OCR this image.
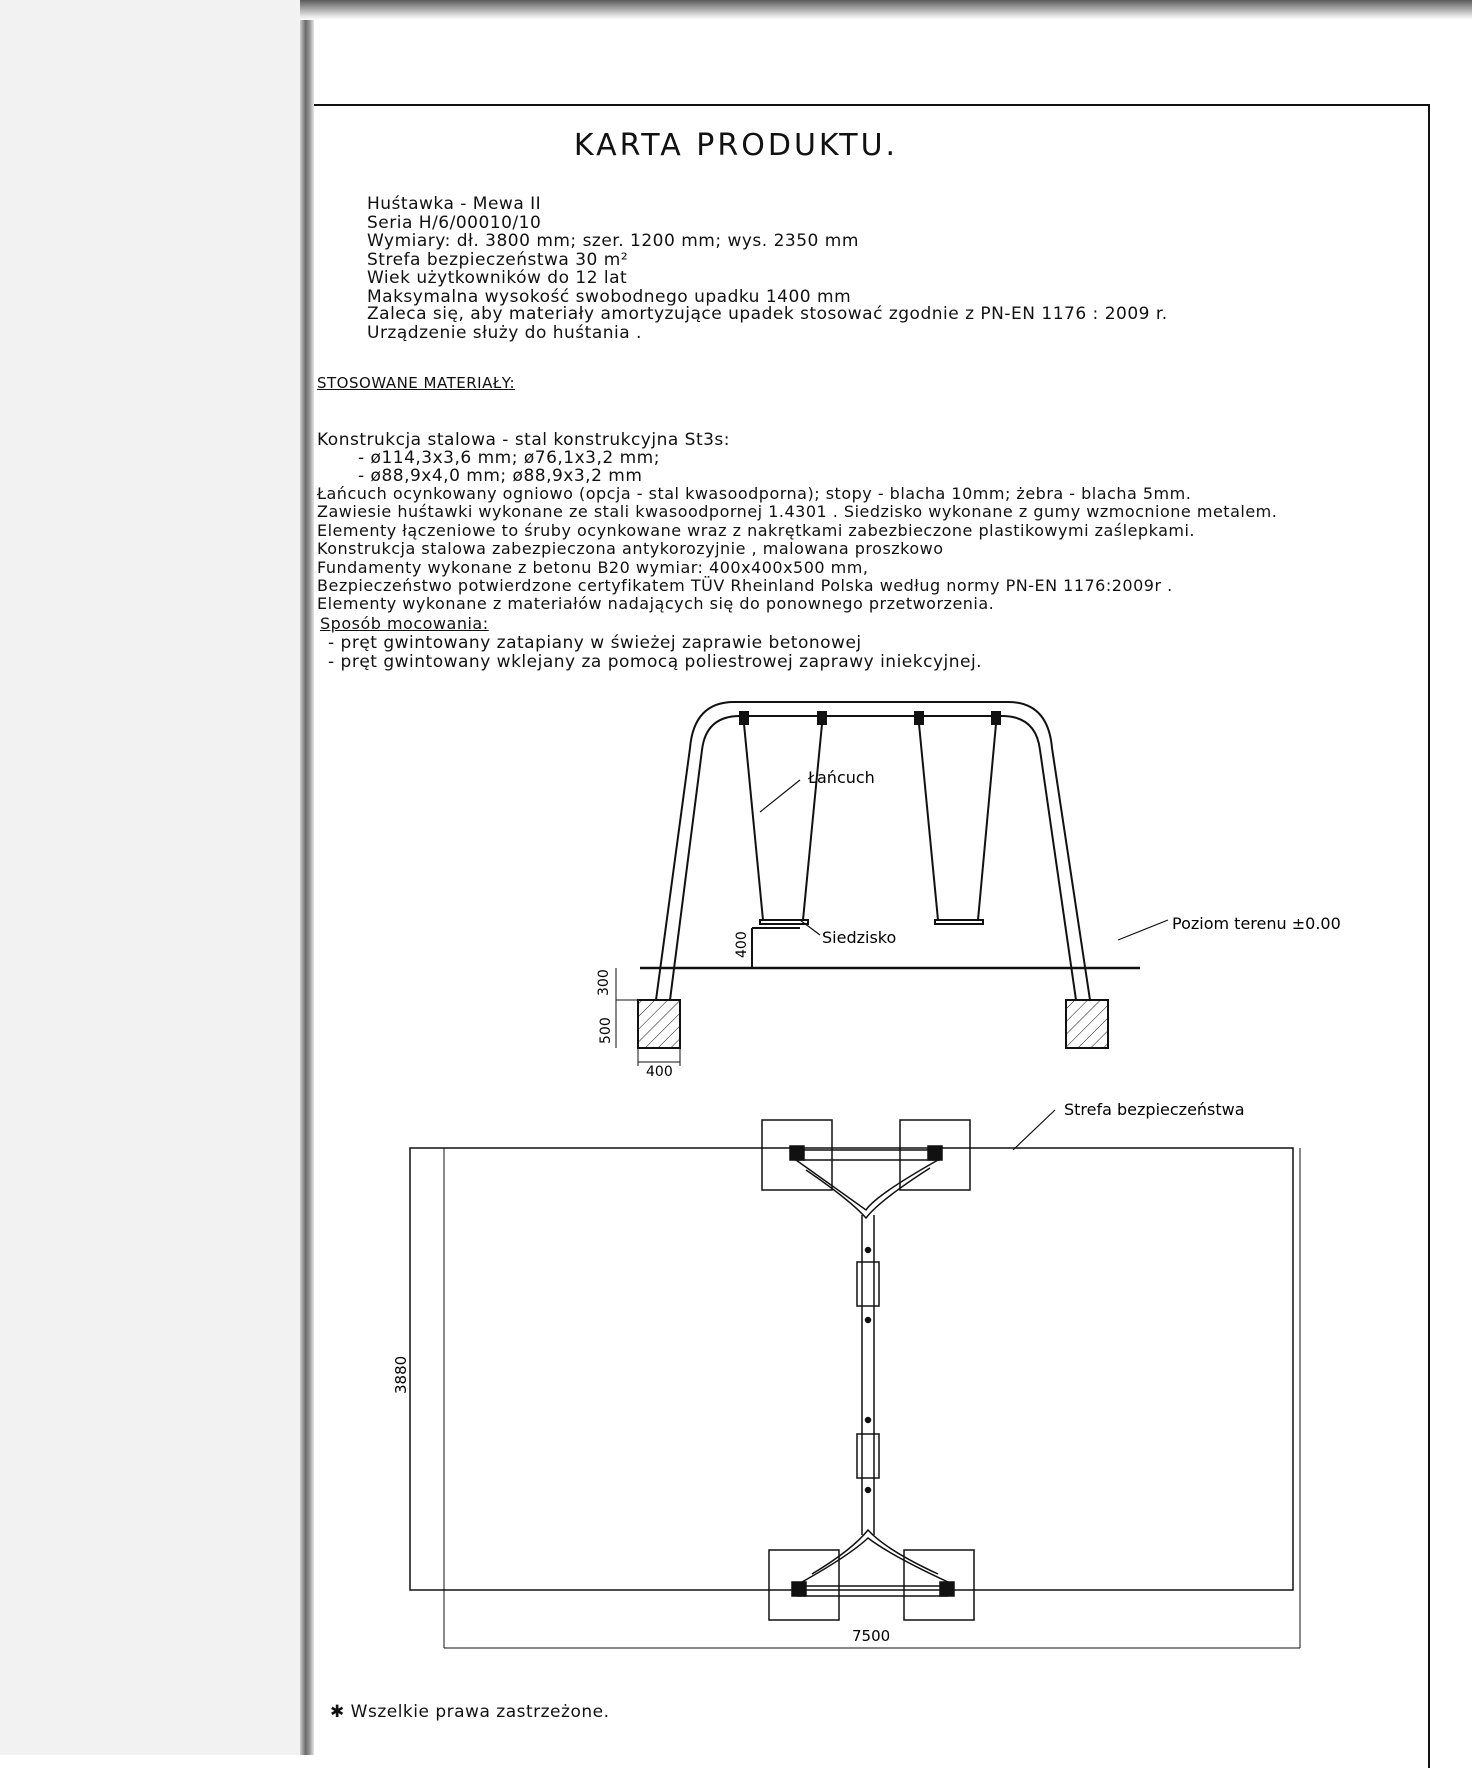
KARTA PRODUKTU.
Huśtawka - Mewa II
Seria H/6/00010/10
Wymiary: dł. 3800 mm; szer. 1200 mm; wys. 2350 mm
Strefa bezpieczeństwa 30 m²
Wiek użytkowników do 12 lat
Maksymalna wysokość swobodnego upadku 1400 mm
Zaleca się, aby materiały amortyzujące upadek stosować zgodnie z PN-EN 1176 : 2009 r.
Urządzenie służy do huśtania .
STOSOWANE MATERIAŁY:
Konstrukcja stalowa - stal konstrukcyjna St3s:
- ø114,3x3,6 mm; ø76,1x3,2 mm;
- ø88,9x4,0 mm; ø88,9x3,2 mm
Łańcuch ocynkowany ogniowo (opcja - stal kwasoodporna); stopy - blacha 10mm; żebra - blacha 5mm.
Zawiesie huśtawki wykonane ze stali kwasoodpornej 1.4301 . Siedzisko wykonane z gumy wzmocnione metalem.
Elementy łączeniowe to śruby ocynkowane wraz z nakrętkami zabezbieczone plastikowymi zaślepkami.
Konstrukcja stalowa zabezpieczona antykorozyjnie , malowana proszkowo
Fundamenty wykonane z betonu B20 wymiar: 400x400x500 mm,
Bezpieczeństwo potwierdzone certyfikatem TÜV Rheinland Polska według normy PN-EN 1176:2009r .
Elementy wykonane z materiałów nadających się do ponownego przetworzenia.
Sposób mocowania:
- pręt gwintowany zatapiany w świeżej zaprawie betonowej
- pręt gwintowany wklejany za pomocą poliestrowej zaprawy iniekcyjnej.
Łańcuch
Siedzisko
Poziom terenu ±0.00
400
300
500
400
Strefa bezpieczeństwa
3880
7500
✱ Wszelkie prawa zastrzeżone.
